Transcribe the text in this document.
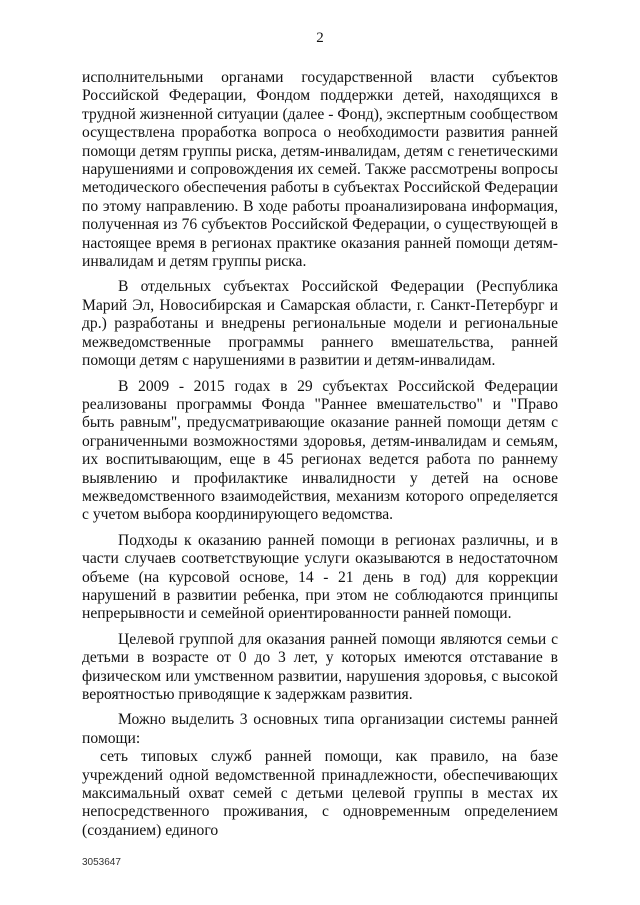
2

исполнительными органами государственной власти субъектов Российской Федерации, Фондом поддержки детей, находящихся в трудной жизненной ситуации (далее - Фонд), экспертным сообществом осуществлена проработка вопроса о необходимости развития ранней помощи детям группы риска, детям-инвалидам, детям с генетическими нарушениями и сопровождения их семей. Также рассмотрены вопросы методического обеспечения работы в субъектах Российской Федерации по этому направлению. В ходе работы проанализирована информация, полученная из 76 субъектов Российской Федерации, о существующей в настоящее время в регионах практике оказания ранней помощи детям-инвалидам и детям группы риска.

В отдельных субъектах Российской Федерации (Республика Марий Эл, Новосибирская и Самарская области, г. Санкт-Петербург и др.) разработаны и внедрены региональные модели и региональные межведомственные программы раннего вмешательства, ранней помощи детям с нарушениями в развитии и детям-инвалидам.

В 2009 - 2015 годах в 29 субъектах Российской Федерации реализованы программы Фонда "Раннее вмешательство" и "Право быть равным", предусматривающие оказание ранней помощи детям с ограниченными возможностями здоровья, детям-инвалидам и семьям, их воспитывающим, еще в 45 регионах ведется работа по раннему выявлению и профилактике инвалидности у детей на основе межведомственного взаимодействия, механизм которого определяется с учетом выбора координирующего ведомства.

Подходы к оказанию ранней помощи в регионах различны, и в части случаев соответствующие услуги оказываются в недостаточном объеме (на курсовой основе, 14 - 21 день в год) для коррекции нарушений в развитии ребенка, при этом не соблюдаются принципы непрерывности и семейной ориентированности ранней помощи.

Целевой группой для оказания ранней помощи являются семьи с детьми в возрасте от 0 до 3 лет, у которых имеются отставание в физическом или умственном развитии, нарушения здоровья, с высокой вероятностью приводящие к задержкам развития.

Можно выделить 3 основных типа организации системы ранней помощи:

сеть типовых служб ранней помощи, как правило, на базе учреждений одной ведомственной принадлежности, обеспечивающих максимальный охват семей с детьми целевой группы в местах их непосредственного проживания, с одновременным определением (созданием) единого

3053647
